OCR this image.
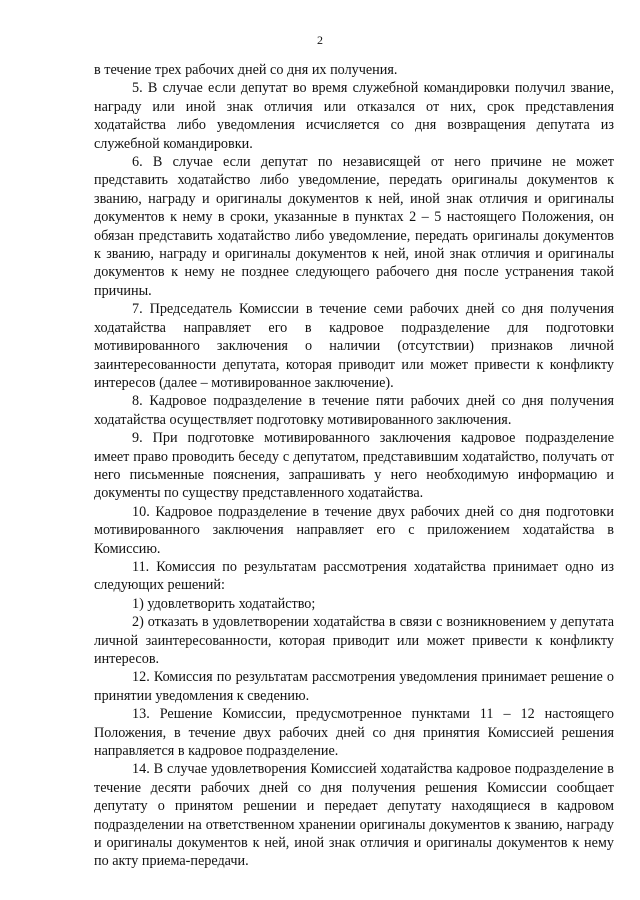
2

в течение трех рабочих дней со дня их получения.

5. В случае если депутат во время служебной командировки получил звание, награду или иной знак отличия или отказался от них, срок представления ходатайства либо уведомления исчисляется со дня возвращения депутата из служебной командировки.

6. В случае если депутат по независящей от него причине не может представить ходатайство либо уведомление, передать оригиналы документов к званию, награду и оригиналы документов к ней, иной знак отличия и оригиналы документов к нему в сроки, указанные в пунктах 2 – 5 настоящего Положения, он обязан представить ходатайство либо уведомление, передать оригиналы документов к званию, награду и оригиналы документов к ней, иной знак отличия и оригиналы документов к нему не позднее следующего рабочего дня после устранения такой причины.

7. Председатель Комиссии в течение семи рабочих дней со дня получения ходатайства направляет его в кадровое подразделение для подготовки мотивированного заключения о наличии (отсутствии) признаков личной заинтересованности депутата, которая приводит или может привести к конфликту интересов (далее – мотивированное заключение).

8. Кадровое подразделение в течение пяти рабочих дней со дня получения ходатайства осуществляет подготовку мотивированного заключения.

9. При подготовке мотивированного заключения кадровое подразделение имеет право проводить беседу с депутатом, представившим ходатайство, получать от него письменные пояснения, запрашивать у него необходимую информацию и документы по существу представленного ходатайства.

10. Кадровое подразделение в течение двух рабочих дней со дня подготовки мотивированного заключения направляет его с приложением ходатайства в Комиссию.

11. Комиссия по результатам рассмотрения ходатайства принимает одно из следующих решений:

1) удовлетворить ходатайство;

2) отказать в удовлетворении ходатайства в связи с возникновением у депутата личной заинтересованности, которая приводит или может привести к конфликту интересов.

12. Комиссия по результатам рассмотрения уведомления принимает решение о принятии уведомления к сведению.

13. Решение Комиссии, предусмотренное пунктами 11 – 12 настоящего Положения, в течение двух рабочих дней со дня принятия Комиссией решения направляется в кадровое подразделение.

14. В случае удовлетворения Комиссией ходатайства кадровое подразделение в течение десяти рабочих дней со дня получения решения Комиссии сообщает депутату о принятом решении и передает депутату находящиеся в кадровом подразделении на ответственном хранении оригиналы документов к званию, награду и оригиналы документов к ней, иной знак отличия и оригиналы документов к нему по акту приема-передачи.
